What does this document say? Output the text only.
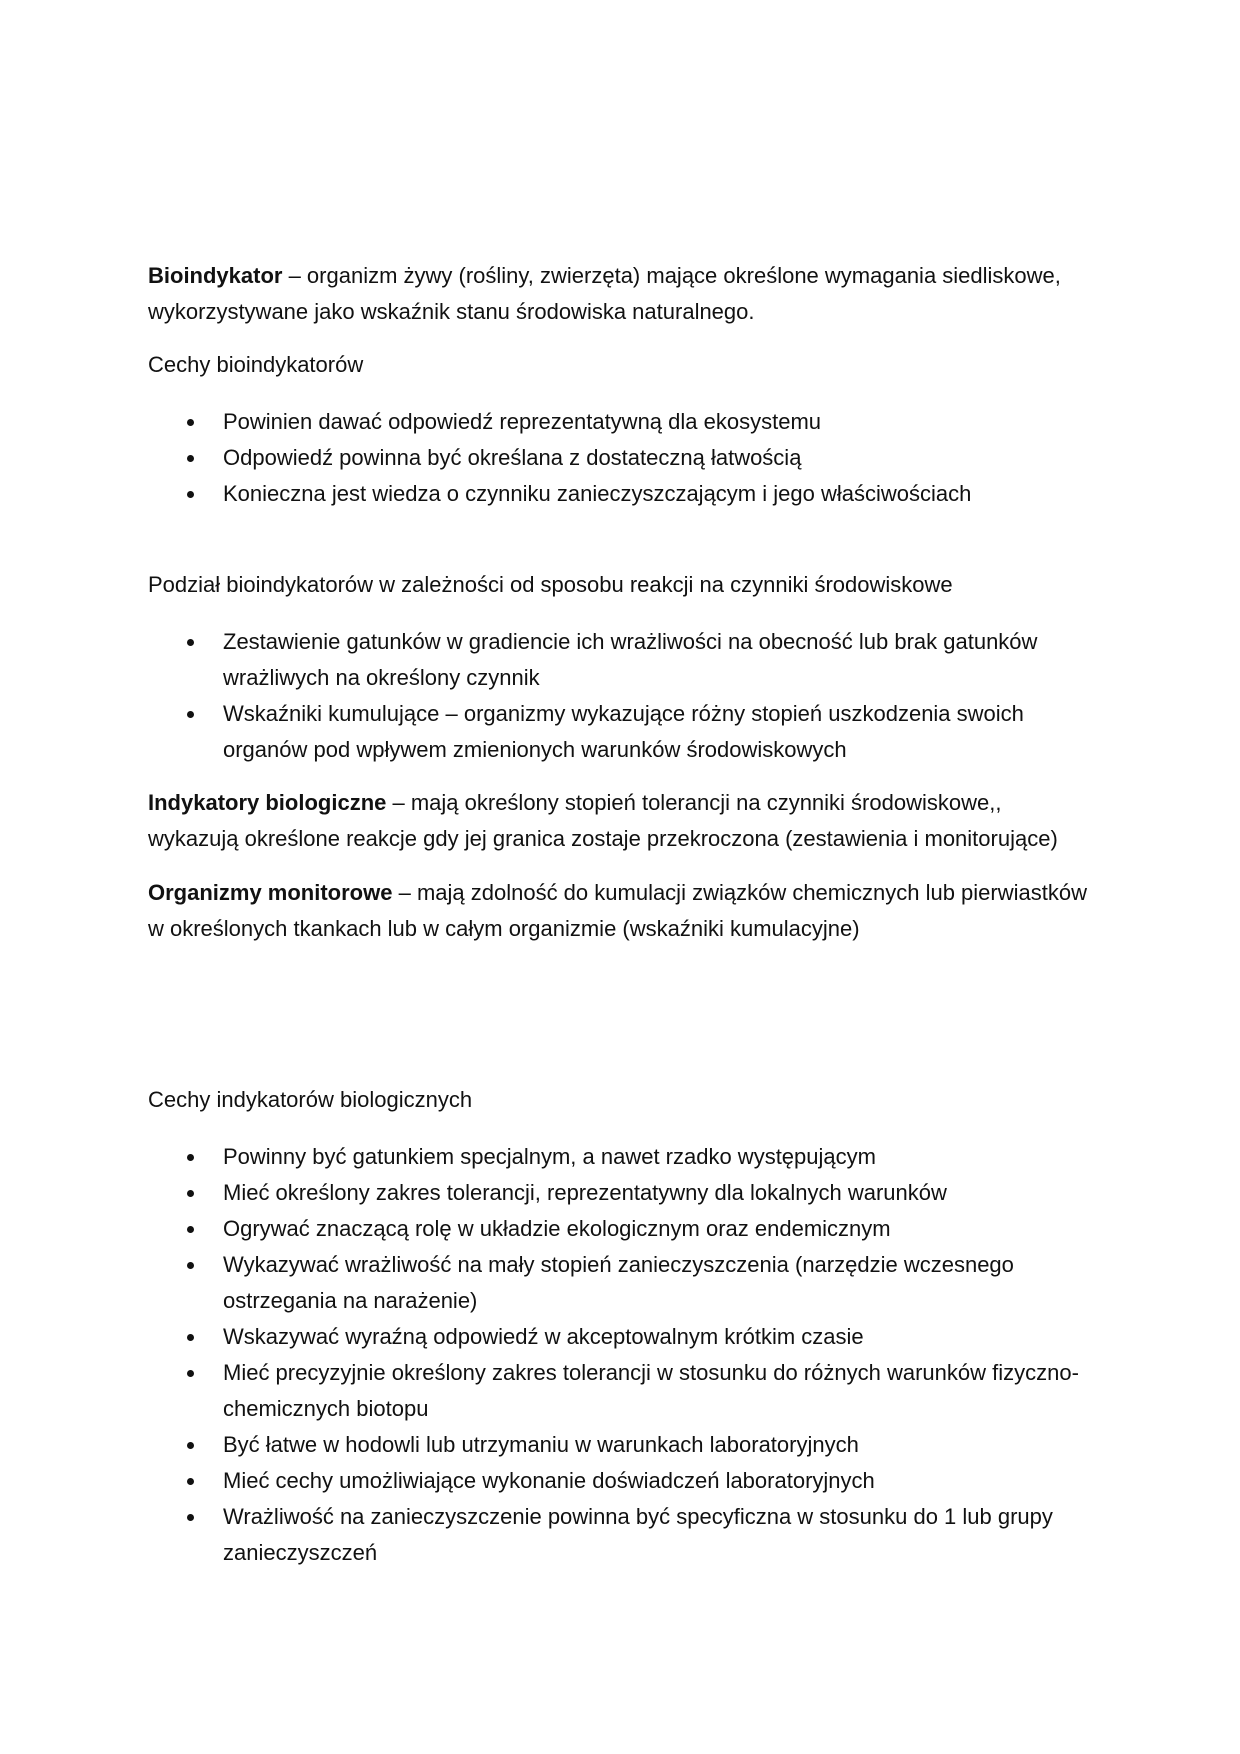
Bioindykator – organizm żywy (rośliny, zwierzęta) mające określone wymagania siedliskowe, wykorzystywane jako wskaźnik stanu środowiska naturalnego.

Cechy bioindykatorów

Powinien dawać odpowiedź reprezentatywną dla ekosystemu
Odpowiedź powinna być określana z dostateczną łatwością
Konieczna jest wiedza o czynniku zanieczyszczającym i jego właściwościach

Podział bioindykatorów w zależności od sposobu reakcji na czynniki środowiskowe

Zestawienie gatunków w gradiencie ich wrażliwości na obecność lub brak gatunków wrażliwych na określony czynnik
Wskaźniki kumulujące – organizmy wykazujące różny stopień uszkodzenia swoich organów pod wpływem zmienionych warunków środowiskowych

Indykatory biologiczne – mają określony stopień tolerancji na czynniki środowiskowe,, wykazują określone reakcje gdy jej granica zostaje przekroczona (zestawienia i monitorujące)

Organizmy monitorowe – mają zdolność do kumulacji związków chemicznych lub pierwiastków w określonych tkankach lub w całym organizmie (wskaźniki kumulacyjne)

Cechy indykatorów biologicznych

Powinny być gatunkiem specjalnym, a nawet rzadko występującym
Mieć określony zakres tolerancji, reprezentatywny dla lokalnych warunków
Ogrywać znaczącą rolę w układzie ekologicznym oraz endemicznym
Wykazywać wrażliwość na mały stopień zanieczyszczenia (narzędzie wczesnego ostrzegania na narażenie)
Wskazywać wyraźną odpowiedź w akceptowalnym krótkim czasie
Mieć precyzyjnie określony zakres tolerancji w stosunku do różnych warunków fizyczno-chemicznych biotopu
Być łatwe w hodowli lub utrzymaniu w warunkach laboratoryjnych
Mieć cechy umożliwiające wykonanie doświadczeń laboratoryjnych
Wrażliwość na zanieczyszczenie powinna być specyficzna w stosunku do 1 lub grupy zanieczyszczeń
